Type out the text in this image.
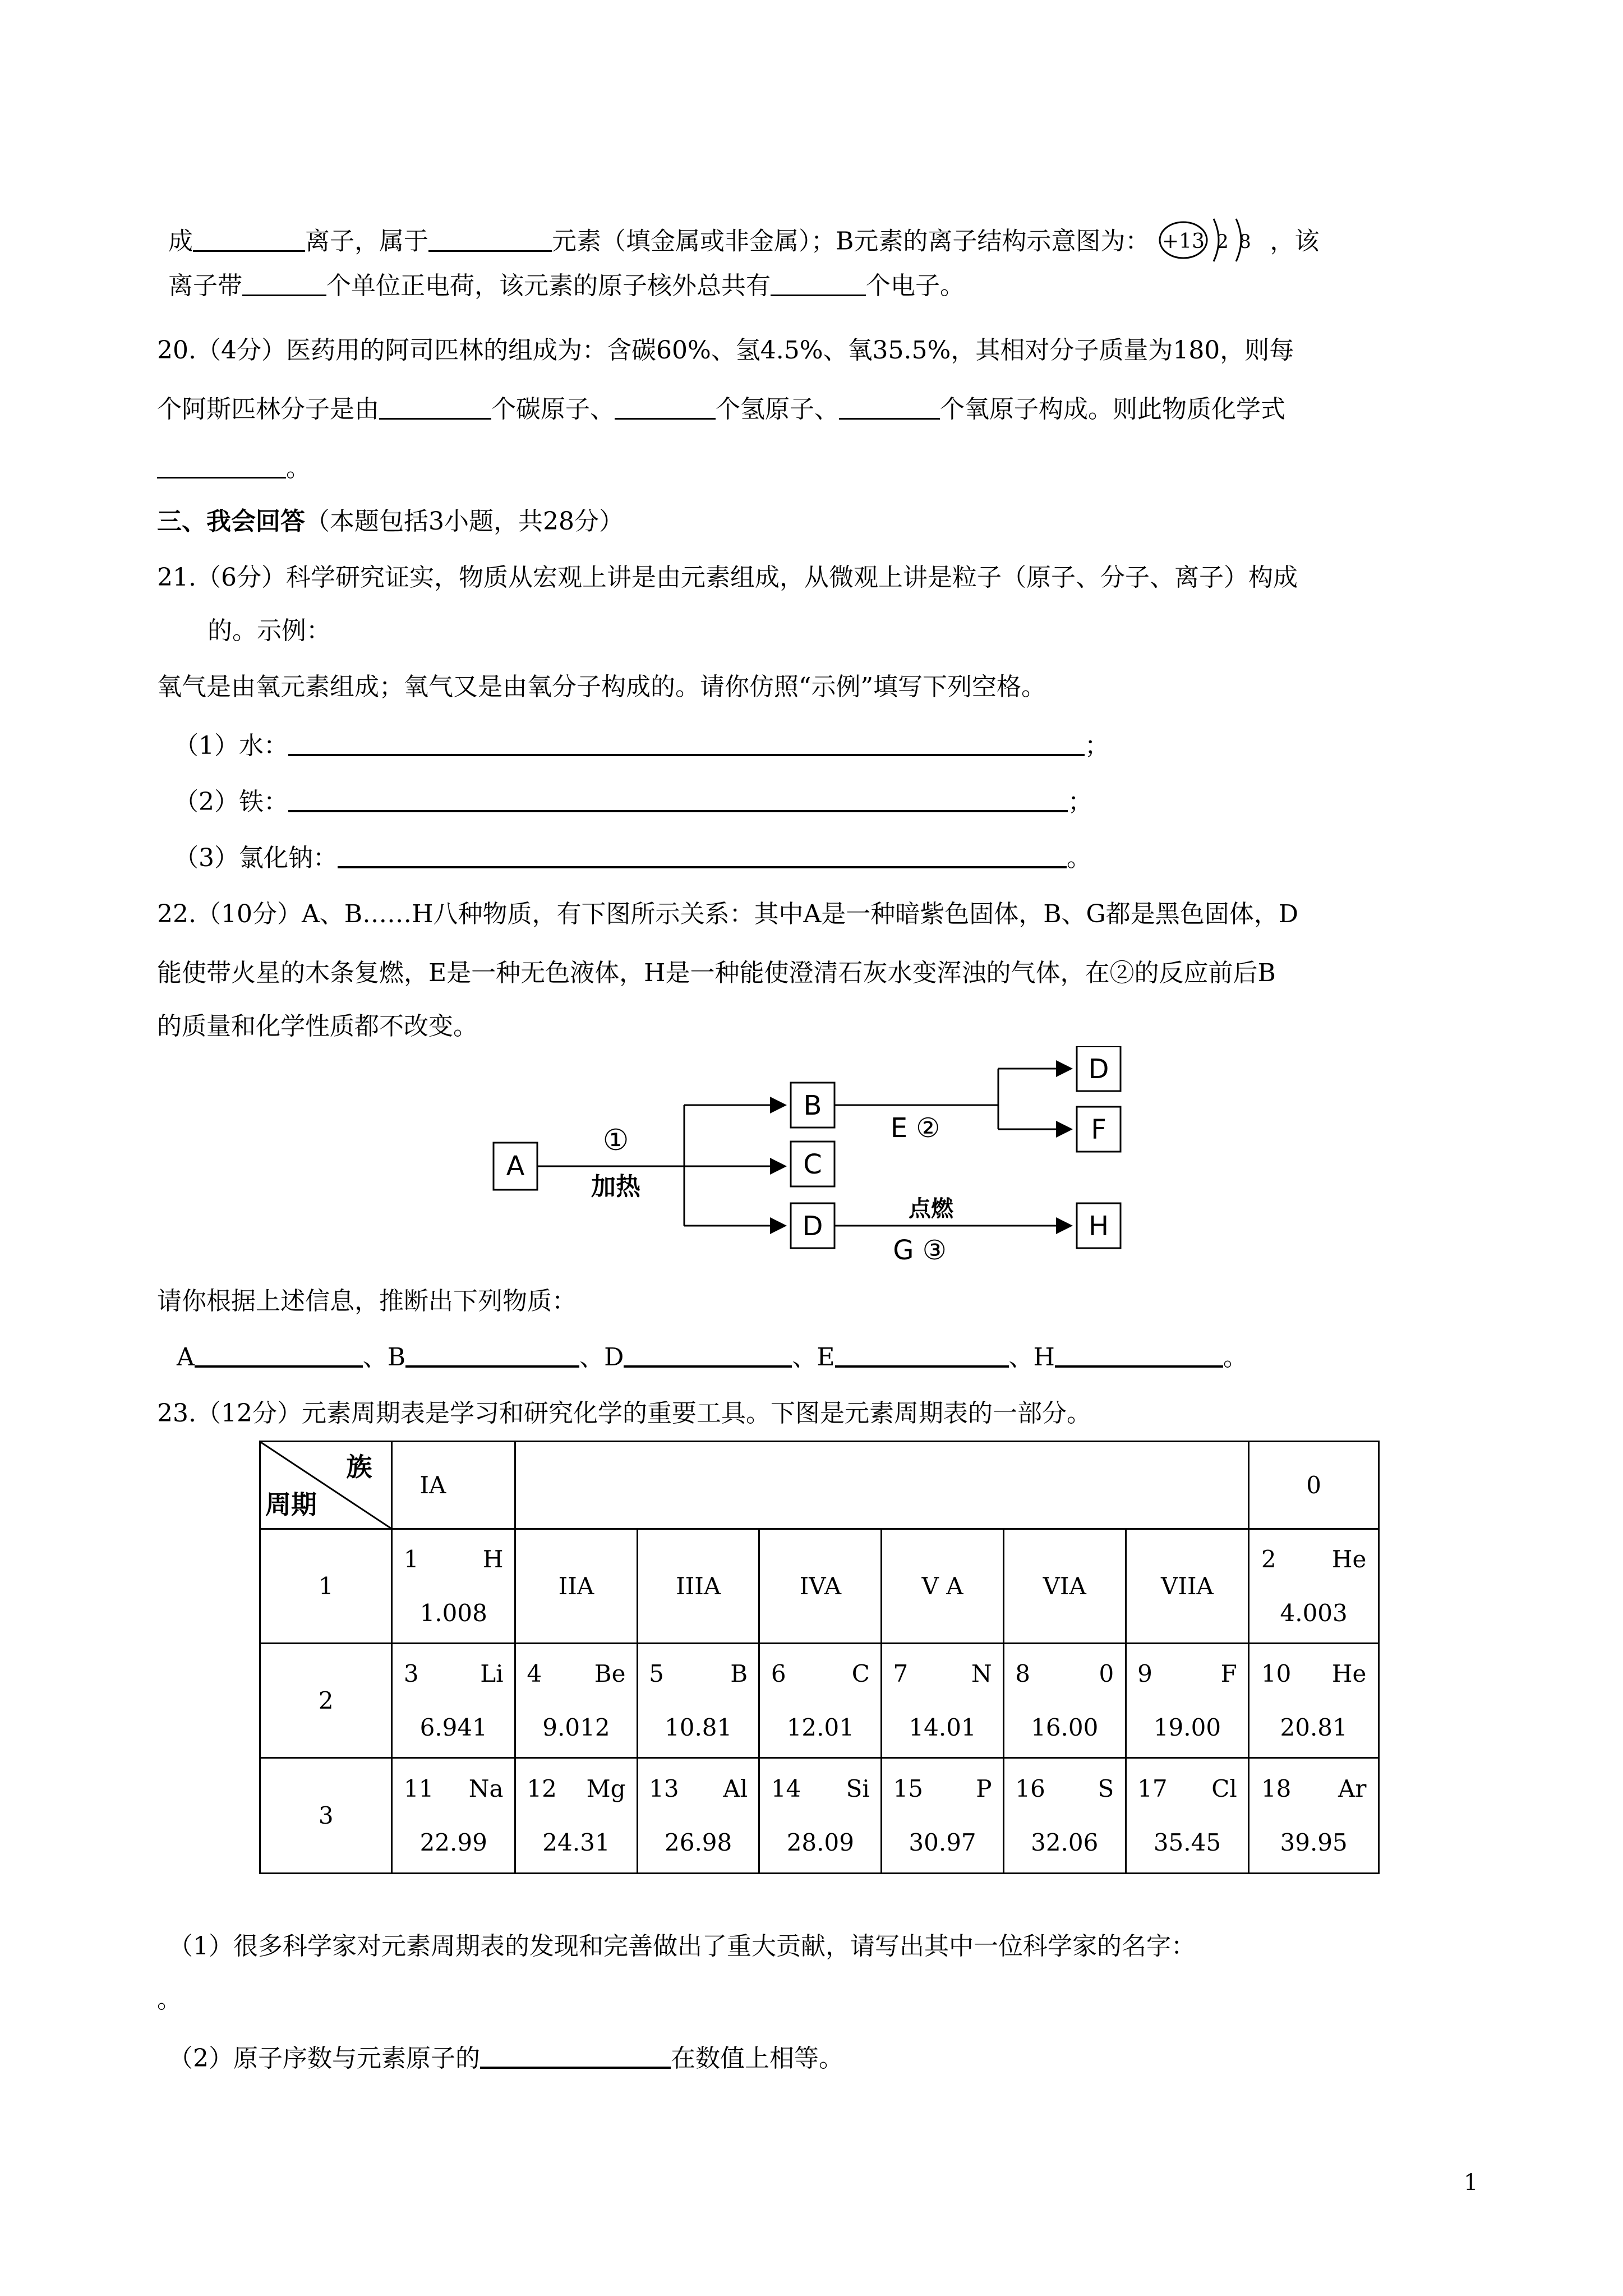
成	离子，属于	元素（填金属或非金属）；B元素的离子结构示意图为： +13 2 8 ，该
离子带	个单位正电荷，该元素的原子核外总共有	个电子。
20.（4分）医药用的阿司匹林的组成为：含碳60%、氢4.5%、氧35.5%，其相对分子质量为180，则每
个阿斯匹林分子是由	个碳原子、	个氢原子、	个氧原子构成。则此物质化学式
。
三、我会回答（本题包括3小题，共28分）
21.（6分）科学研究证实，物质从宏观上讲是由元素组成，从微观上讲是粒子（原子、分子、离子）构成
的。示例：
氧气是由氧元素组成；氧气又是由氧分子构成的。请你仿照“示例”填写下列空格。
（1）水：	；
（2）铁：	；
（3）氯化钠：	。
22.（10分）A、B……H八种物质，有下图所示关系：其中A是一种暗紫色固体，B、G都是黑色固体，D
能使带火星的木条复燃，E是一种无色液体，H是一种能使澄清石灰水变浑浊的气体，在②的反应前后B
的质量和化学性质都不改变。
A
B
C
D
D
F
H
①
加热
E ②
点燃
G ③
请你根据上述信息，推断出下列物质：
A	、B	、D	、E	、H	。
23.（12分）元素周期表是学习和研究化学的重要工具。下图是元素周期表的一部分。
族
周期	IA							0
1	1 H
1.008	IIA	IIIA	IVA	V A	VIA	VIIA	2 He
4.003

2	3 Li
6.941	4 Be
9.012	5 B
10.81	6 C
12.01	7 N
14.01	8 0
16.00	9 F
19.00	10 He
20.81

3	11 Na
22.99	12 Mg
24.31	13 Al
26.98	14 Si
28.09	15 P
30.97	16 S
32.06	17 Cl
35.45	18 Ar
39.95
（1）很多科学家对元素周期表的发现和完善做出了重大贡献，请写出其中一位科学家的名字：
。
（2）原子序数与元素原子的	在数值上相等。
1
